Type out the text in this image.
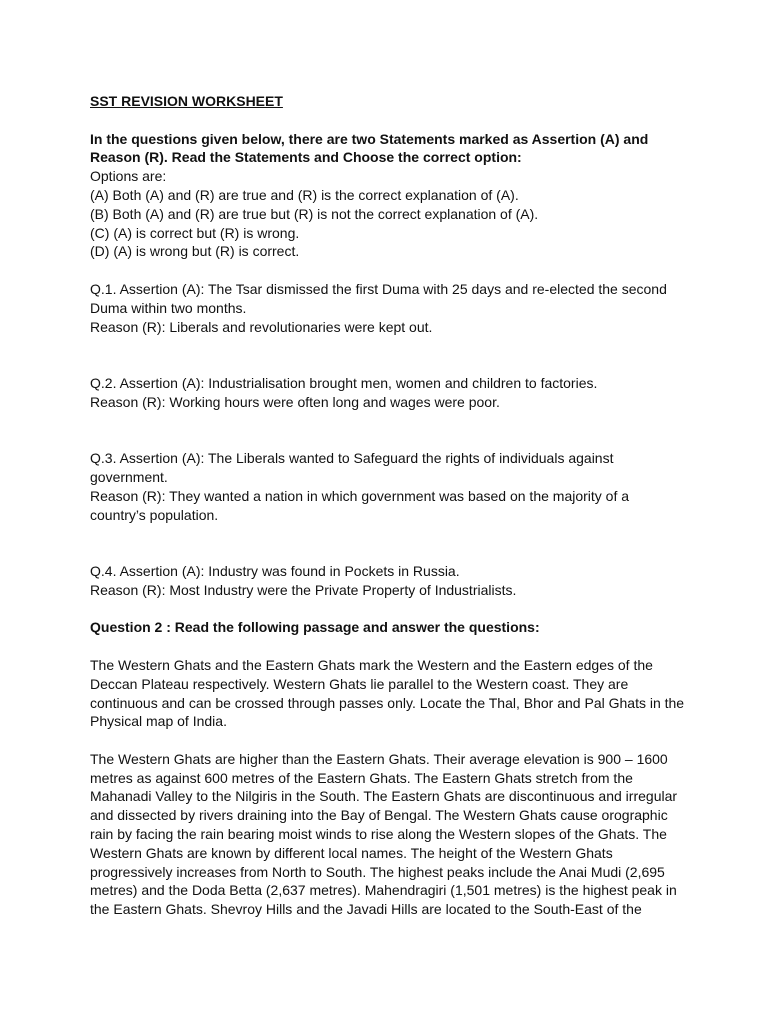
SST REVISION WORKSHEET
In the questions given below, there are two Statements marked as Assertion (A) and
Reason (R). Read the Statements and Choose the correct option:
Options are:
(A) Both (A) and (R) are true and (R) is the correct explanation of (A).
(B) Both (A) and (R) are true but (R) is not the correct explanation of (A).
(C) (A) is correct but (R) is wrong.
(D) (A) is wrong but (R) is correct.
Q.1. Assertion (A): The Tsar dismissed the first Duma with 25 days and re-elected the second
Duma within two months.
Reason (R): Liberals and revolutionaries were kept out.
Q.2. Assertion (A): Industrialisation brought men, women and children to factories.
Reason (R): Working hours were often long and wages were poor.
Q.3. Assertion (A): The Liberals wanted to Safeguard the rights of individuals against
government.
Reason (R): They wanted a nation in which government was based on the majority of a
country’s population.
Q.4. Assertion (A): Industry was found in Pockets in Russia.
Reason (R): Most Industry were the Private Property of Industrialists.
Question 2 : Read the following passage and answer the questions:
The Western Ghats and the Eastern Ghats mark the Western and the Eastern edges of the
Deccan Plateau respectively. Western Ghats lie parallel to the Western coast. They are
continuous and can be crossed through passes only. Locate the Thal, Bhor and Pal Ghats in the
Physical map of India.
The Western Ghats are higher than the Eastern Ghats. Their average elevation is 900 – 1600
metres as against 600 metres of the Eastern Ghats. The Eastern Ghats stretch from the
Mahanadi Valley to the Nilgiris in the South. The Eastern Ghats are discontinuous and irregular
and dissected by rivers draining into the Bay of Bengal. The Western Ghats cause orographic
rain by facing the rain bearing moist winds to rise along the Western slopes of the Ghats. The
Western Ghats are known by different local names. The height of the Western Ghats
progressively increases from North to South. The highest peaks include the Anai Mudi (2,695
metres) and the Doda Betta (2,637 metres). Mahendragiri (1,501 metres) is the highest peak in
the Eastern Ghats. Shevroy Hills and the Javadi Hills are located to the South-East of the
